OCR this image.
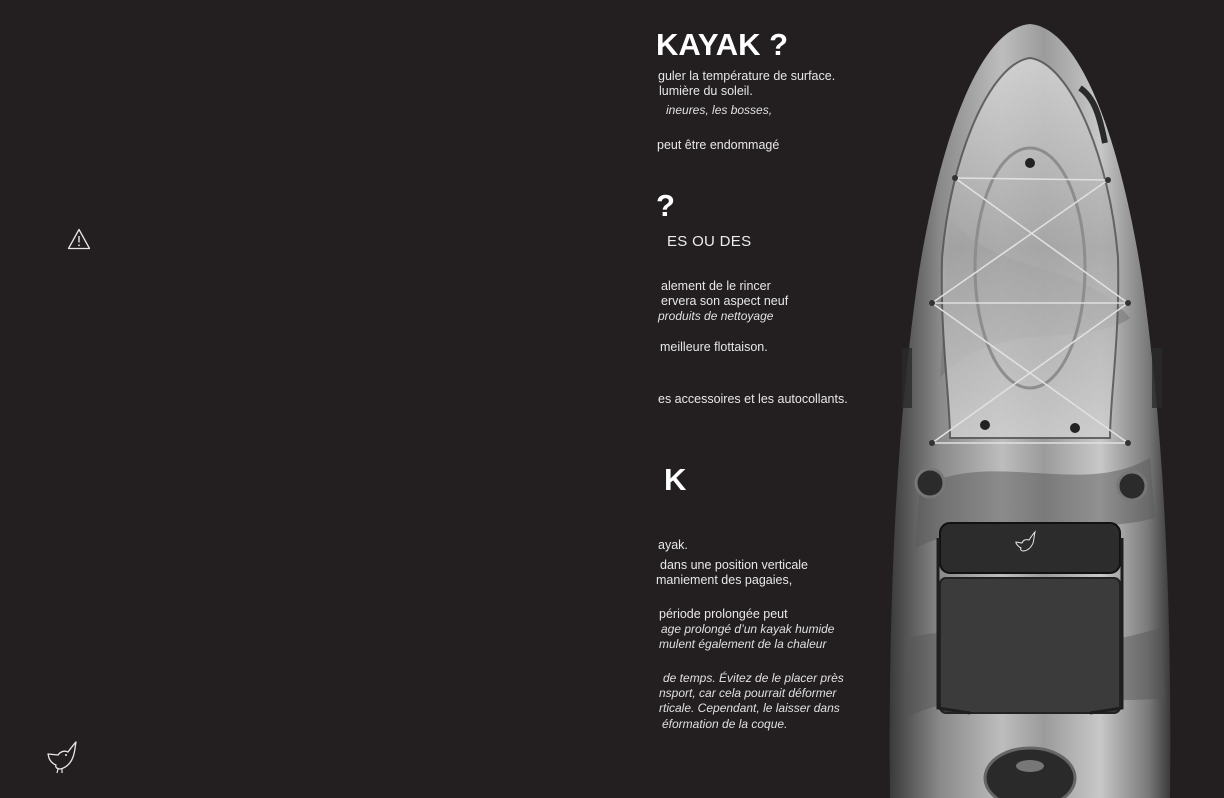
KAYAK ?
?
K
guler la température de surface.
lumière du soleil.
ineures, les bosses,
peut être endommagé
ES OU DES
alement de le rincer
ervera son aspect neuf
produits de nettoyage
meilleure flottaison.
es accessoires et les autocollants.
ayak.
dans une position verticale
maniement des pagaies,
période prolongée peut
age prolongé d’un kayak humide
mulent également de la chaleur
de temps. Évitez de le placer près
nsport, car cela pourrait déformer
rticale. Cependant, le laisser dans
éformation de la coque.
